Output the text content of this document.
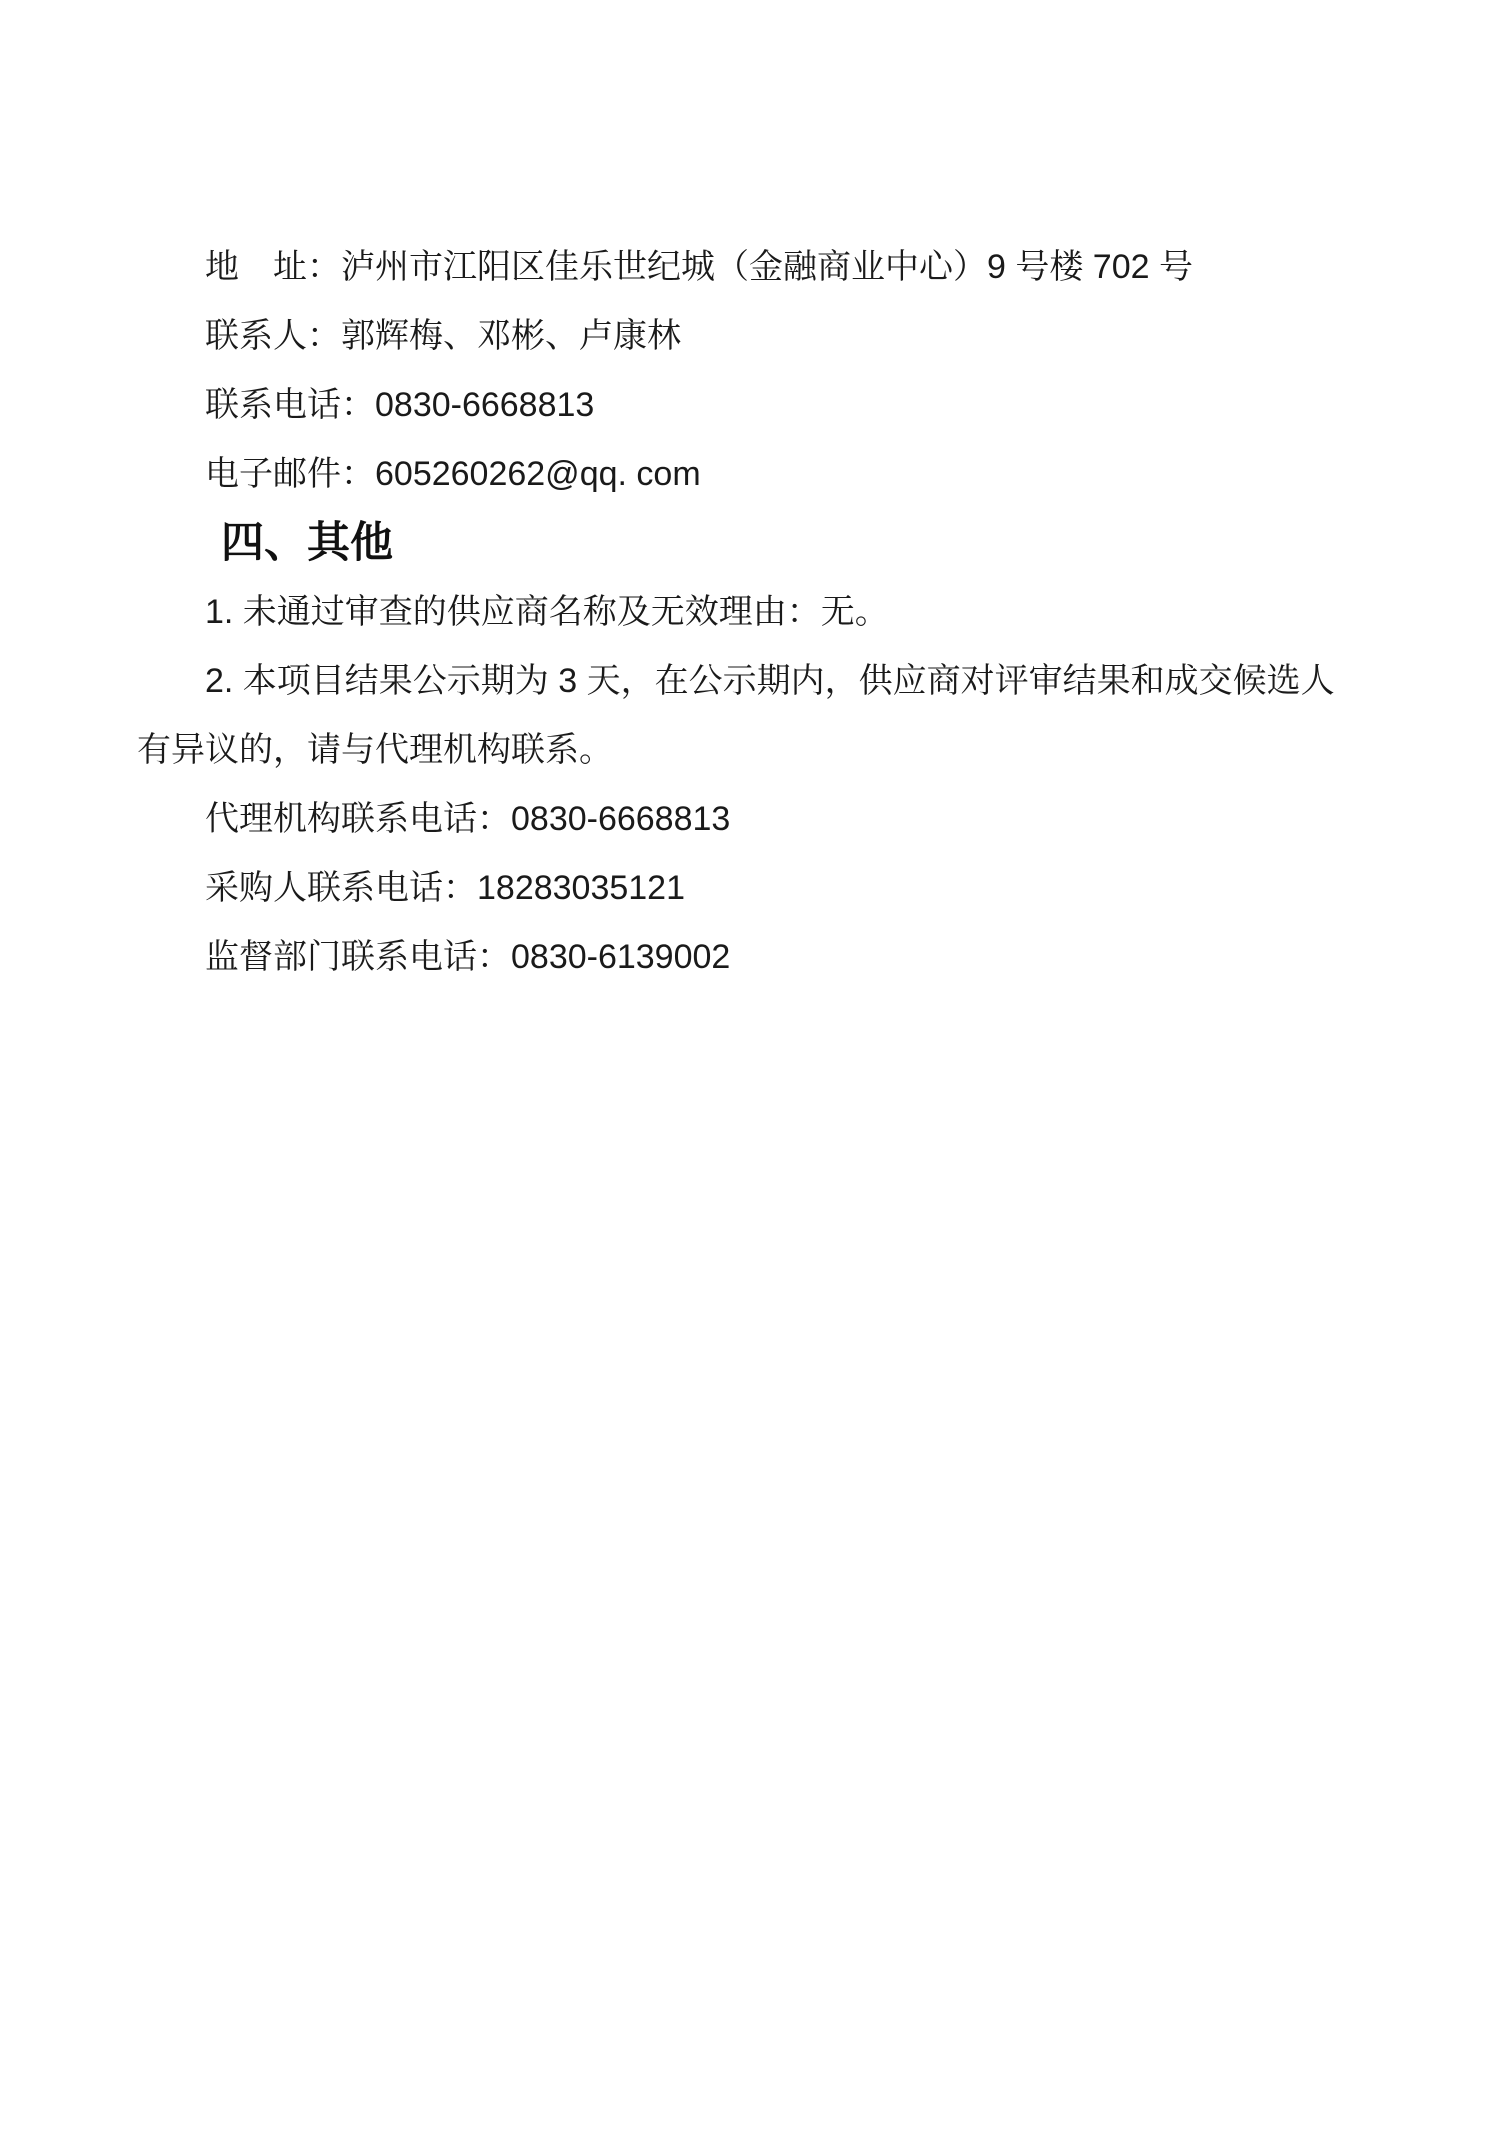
地　址：泸州市江阳区佳乐世纪城（金融商业中心）9 号楼 702 号

联系人：郭辉梅、邓彬、卢康林

联系电话：0830-6668813

电子邮件：605260262@qq. com

四、其他

1. 未通过审查的供应商名称及无效理由：无。

2. 本项目结果公示期为 3 天，在公示期内，供应商对评审结果和成交候选人

有异议的，请与代理机构联系。

代理机构联系电话：0830-6668813

采购人联系电话：18283035121

监督部门联系电话：0830-6139002
